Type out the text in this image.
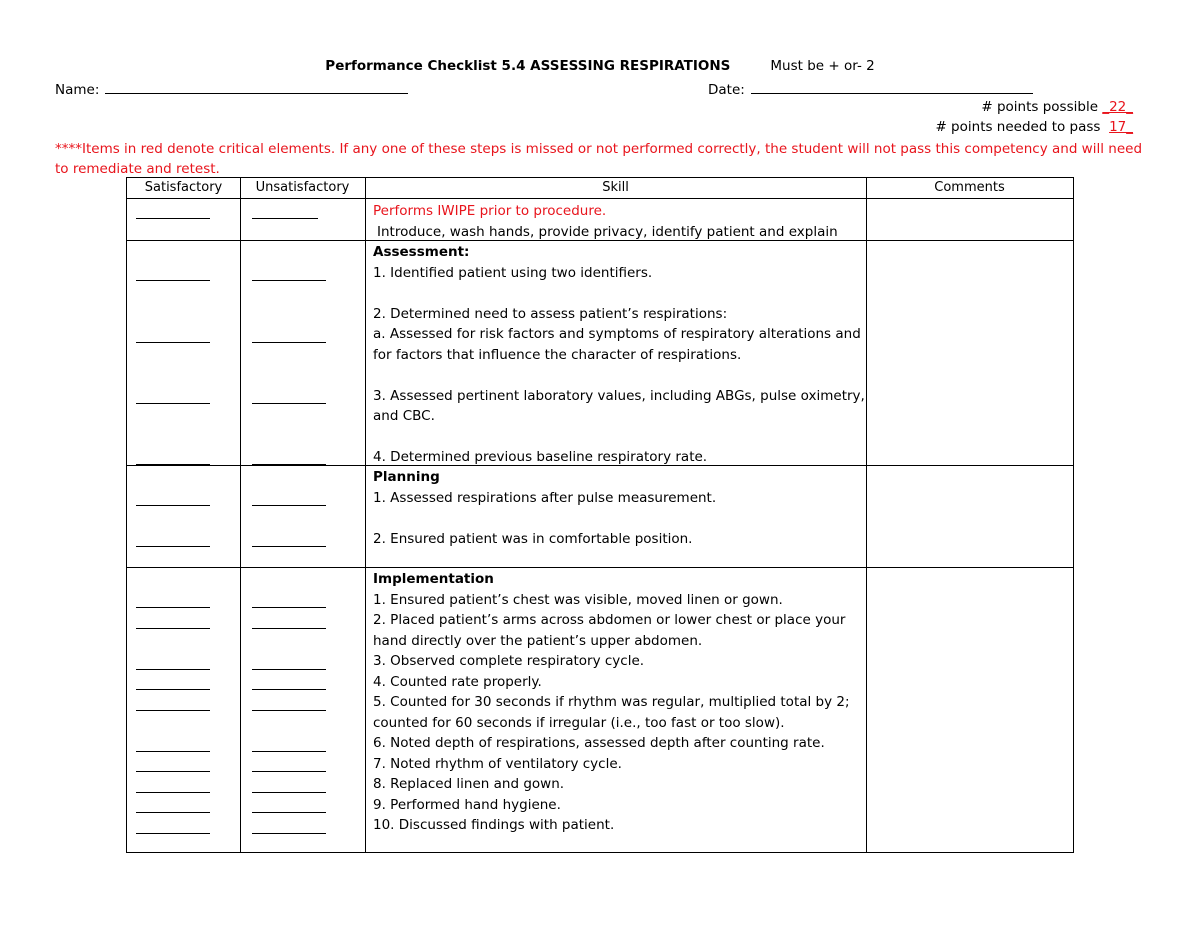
Performance Checklist 5.4 ASSESSING RESPIRATIONS	Must be + or- 2
Name:	Date:
# points possible _22_
# points needed to pass 17_
****Items in red denote critical elements. If any one of these steps is missed or not performed correctly, the student will not pass this competency and will need to remediate and retest.
Satisfactory	Unsatisfactory	Skill	Comments
Performs IWIPE prior to procedure.
Introduce, wash hands, provide privacy, identify patient and explain
Assessment:
1. Identified patient using two identifiers.
2. Determined need to assess patient’s respirations:
a. Assessed for risk factors and symptoms of respiratory alterations and
for factors that influence the character of respirations.
3. Assessed pertinent laboratory values, including ABGs, pulse oximetry,
and CBC.
4. Determined previous baseline respiratory rate.
Planning
1. Assessed respirations after pulse measurement.
2. Ensured patient was in comfortable position.
Implementation
1. Ensured patient’s chest was visible, moved linen or gown.
2. Placed patient’s arms across abdomen or lower chest or place your
hand directly over the patient’s upper abdomen.
3. Observed complete respiratory cycle.
4. Counted rate properly.
5. Counted for 30 seconds if rhythm was regular, multiplied total by 2;
counted for 60 seconds if irregular (i.e., too fast or too slow).
6. Noted depth of respirations, assessed depth after counting rate.
7. Noted rhythm of ventilatory cycle.
8. Replaced linen and gown.
9. Performed hand hygiene.
10. Discussed findings with patient.
